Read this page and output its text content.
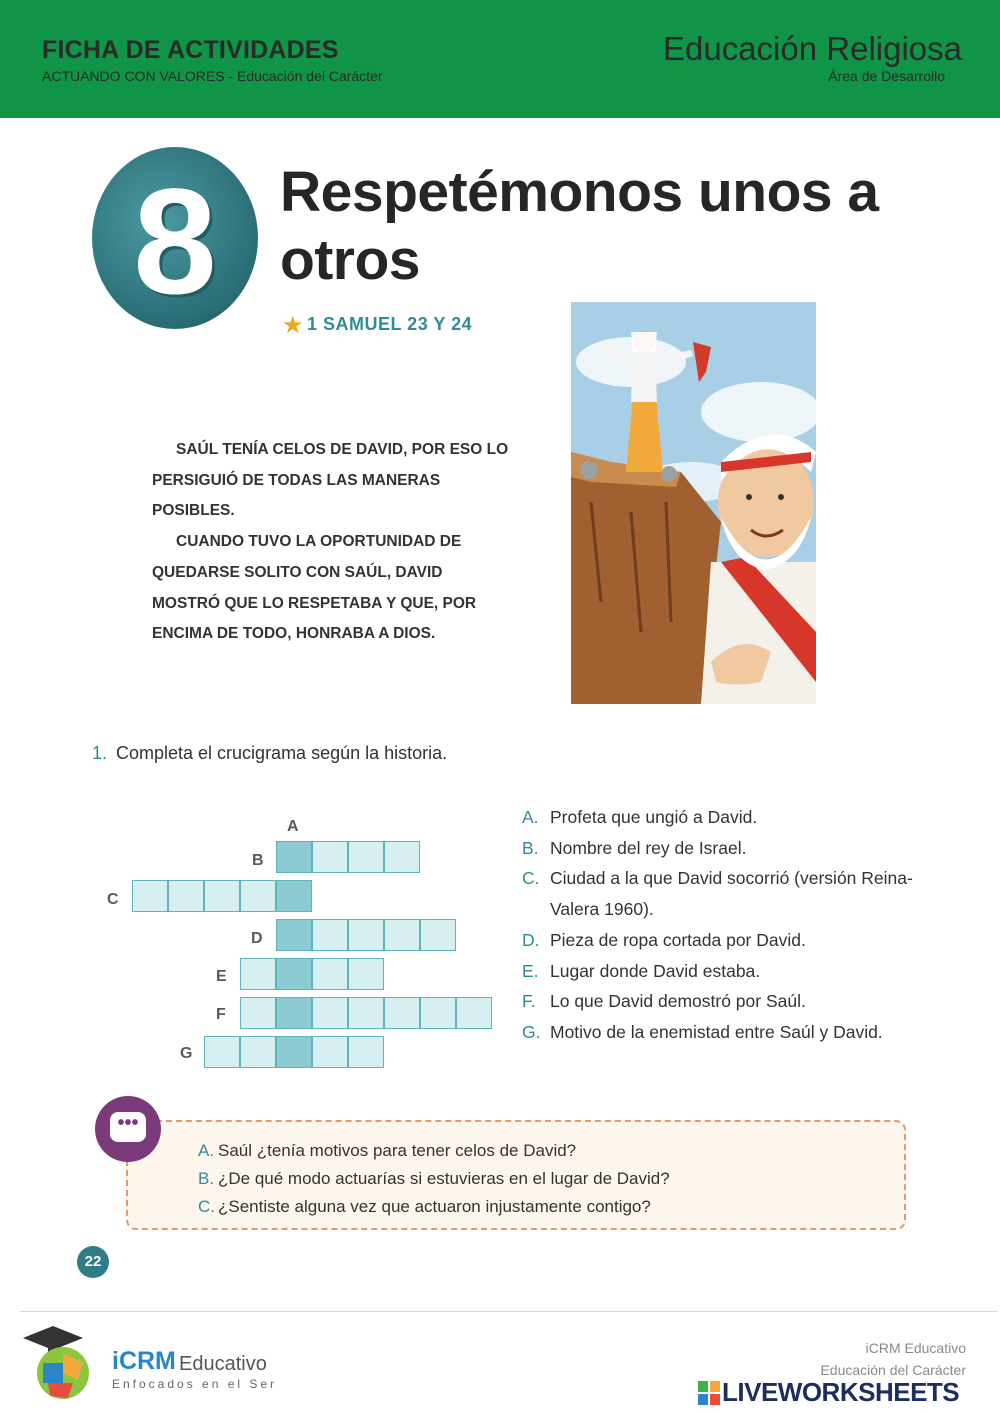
FICHA DE ACTIVIDADES
ACTUANDO CON VALORES - Educación del Carácter
Educación Religiosa
Área de Desarrollo
8	Respetémonos unos a otros
★ 1 SAMUEL 23 Y 24

SAÚL TENÍA CELOS DE DAVID, POR ESO LO PERSIGUIÓ DE TODAS LAS MANERAS POSIBLES.

CUANDO TUVO LA OPORTUNIDAD DE QUEDARSE SOLITO CON SAÚL, DAVID MOSTRÓ QUE LO RESPETABA Y QUE, POR ENCIMA DE TODO, HONRABA A DIOS.

1. Completa el crucigrama según la historia.
A
B
C
D
E
F
G
A. Profeta que ungió a David.
B. Nombre del rey de Israel.
C. Ciudad a la que David socorrió (versión Reina-Valera 1960).
D. Pieza de ropa cortada por David.
E. Lugar donde David estaba.
F. Lo que David demostró por Saúl.
G. Motivo de la enemistad entre Saúl y David.
•••
A. Saúl ¿tenía motivos para tener celos de David?
B. ¿De qué modo actuarías si estuvieras en el lugar de David?
C. ¿Sentiste alguna vez que actuaron injustamente contigo?
22
iCRM Educativo
Enfocados en el Ser
iCRM Educativo
Educación del Carácter
LIVEWORKSHEETS
